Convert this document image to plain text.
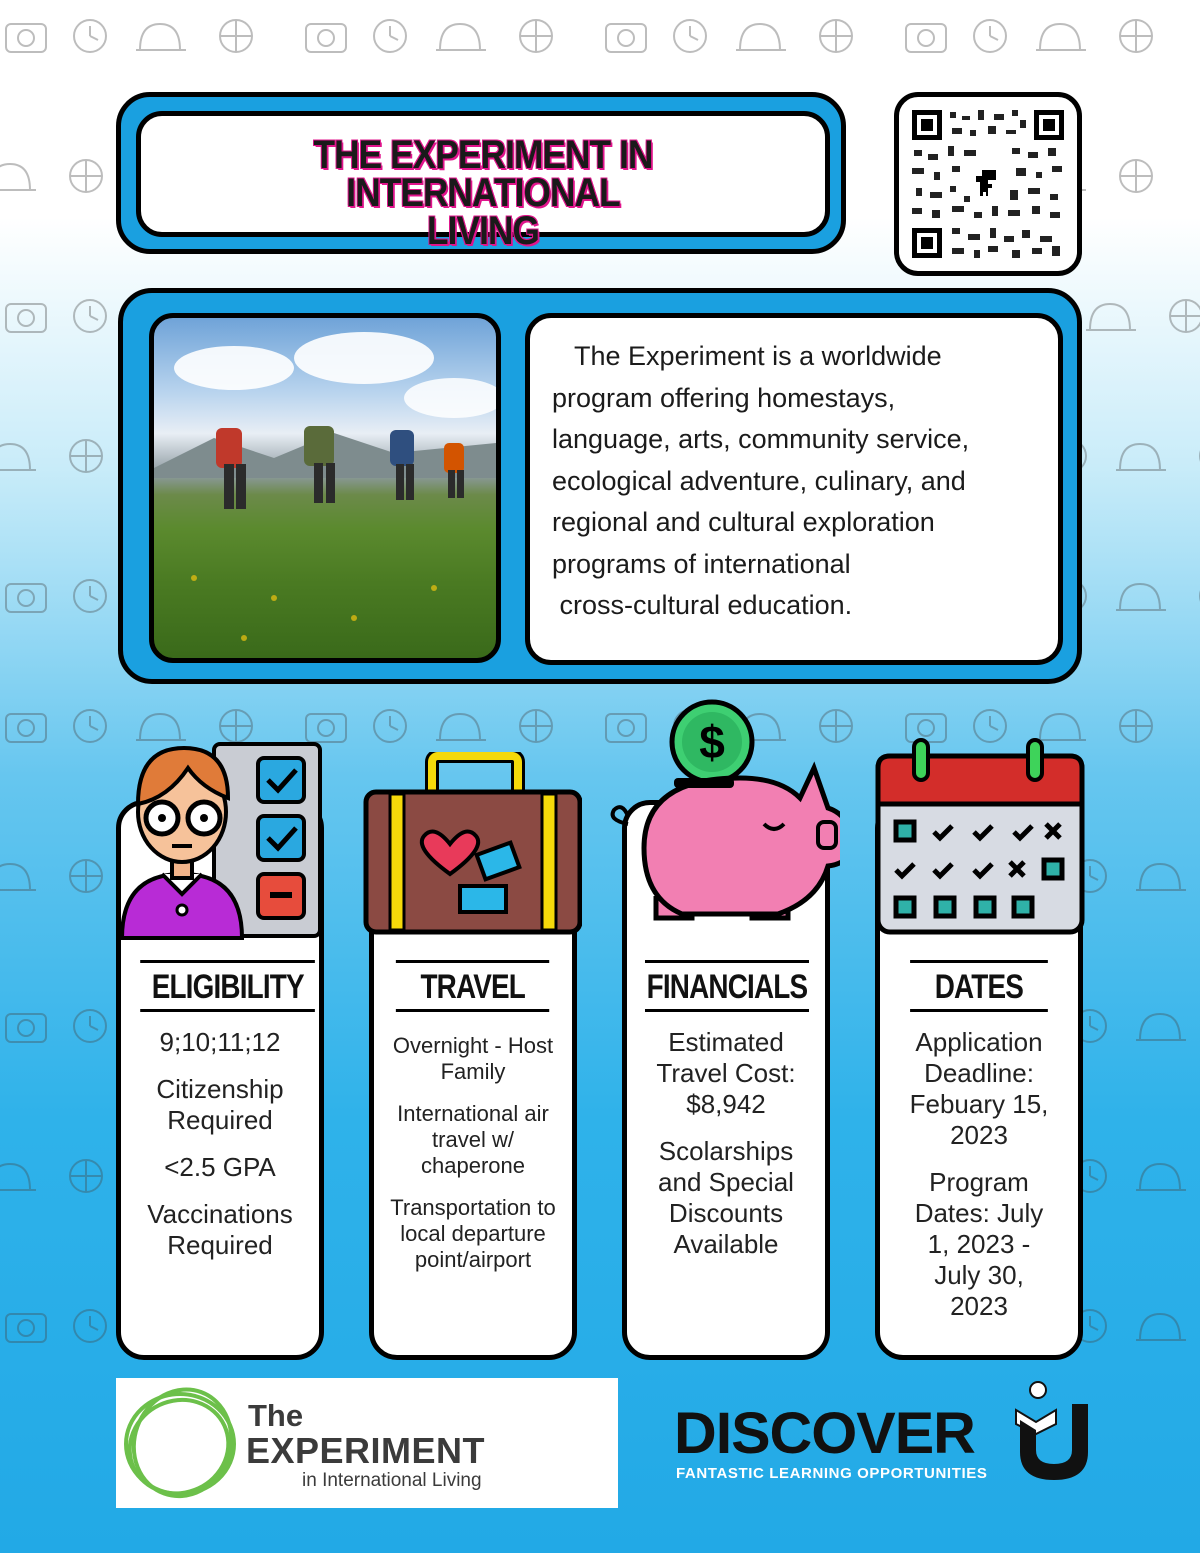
THE EXPERIMENT IN INTERNATIONAL
LIVING
The Experiment is a worldwide
program offering homestays,
language, arts, community service,
ecological adventure, culinary, and
regional and cultural exploration
programs of international
cross-cultural education.
ELIGIBILITY

9;10;11;12

Citizenship Required

<2.5 GPA

Vaccinations Required

TRAVEL

Overnight - Host Family

International air travel w/ chaperone

Transportation to local departure point/airport

FINANCIALS

Estimated Travel Cost: $8,942

Scolarships and Special Discounts Available

$
DATES

Application Deadline: Febuary 15, 2023

Program Dates: July 1, 2023 - July 30, 2023

The
EXPERIMENT
in International Living
DISCOVER
FANTASTIC LEARNING OPPORTUNITIES
